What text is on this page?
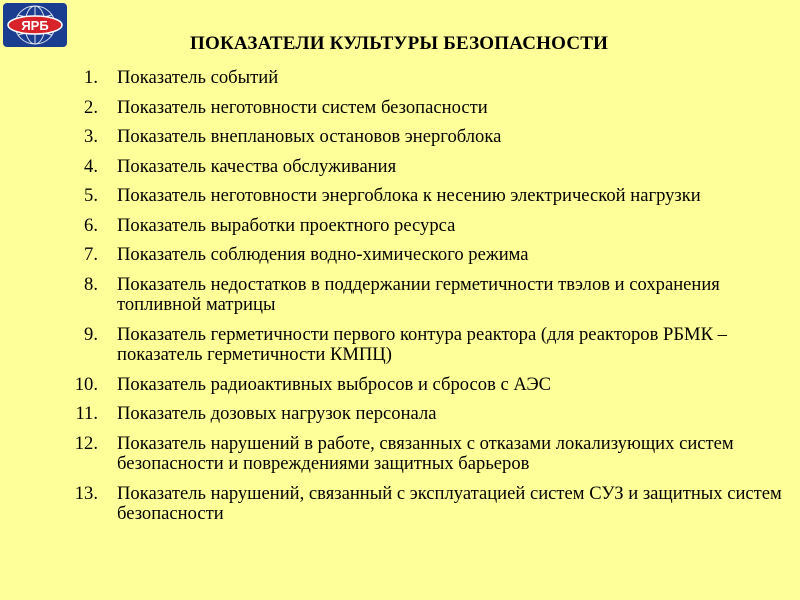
ЯРБ
ПОКАЗАТЕЛИ КУЛЬТУРЫ БЕЗОПАСНОСТИ
1.	Показатель событий
2.	Показатель неготовности систем безопасности
3.	Показатель внеплановых остановов энергоблока
4.	Показатель качества обслуживания
5.	Показатель неготовности энергоблока к несению электрической нагрузки
6.	Показатель выработки проектного ресурса
7.	Показатель соблюдения водно-химического режима
8.	Показатель недостатков в поддержании герметичности твэлов и сохранения топливной матрицы
9.	Показатель герметичности первого контура реактора (для реакторов РБМК – показатель герметичности КМПЦ)
10.	Показатель радиоактивных выбросов и сбросов с АЭС
11.	Показатель дозовых нагрузок персонала
12.	Показатель нарушений в работе, связанных с отказами локализующих систем безопасности и повреждениями защитных барьеров
13.	Показатель нарушений, связанный с эксплуатацией систем СУЗ и защитных систем безопасности
